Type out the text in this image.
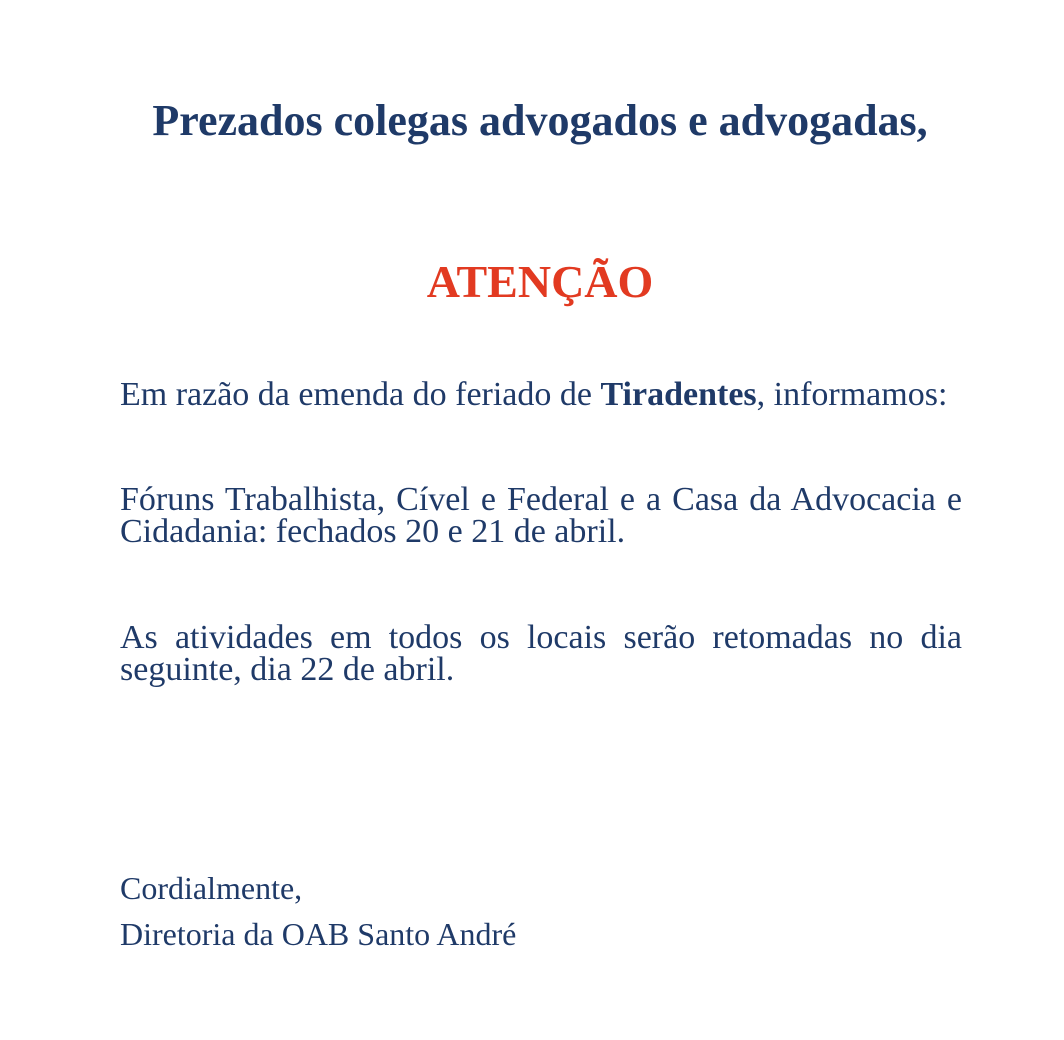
Prezados colegas advogados e advogadas,
ATENÇÃO

Em razão da emenda do feriado de Tiradentes, informamos:

Fóruns Trabalhista, Cível e Federal e a Casa da Advocacia e Cidadania: fechados 20 e 21 de abril.

As atividades em todos os locais serão retomadas no dia seguinte, dia 22 de abril.

Cordialmente,

Diretoria da OAB Santo André
